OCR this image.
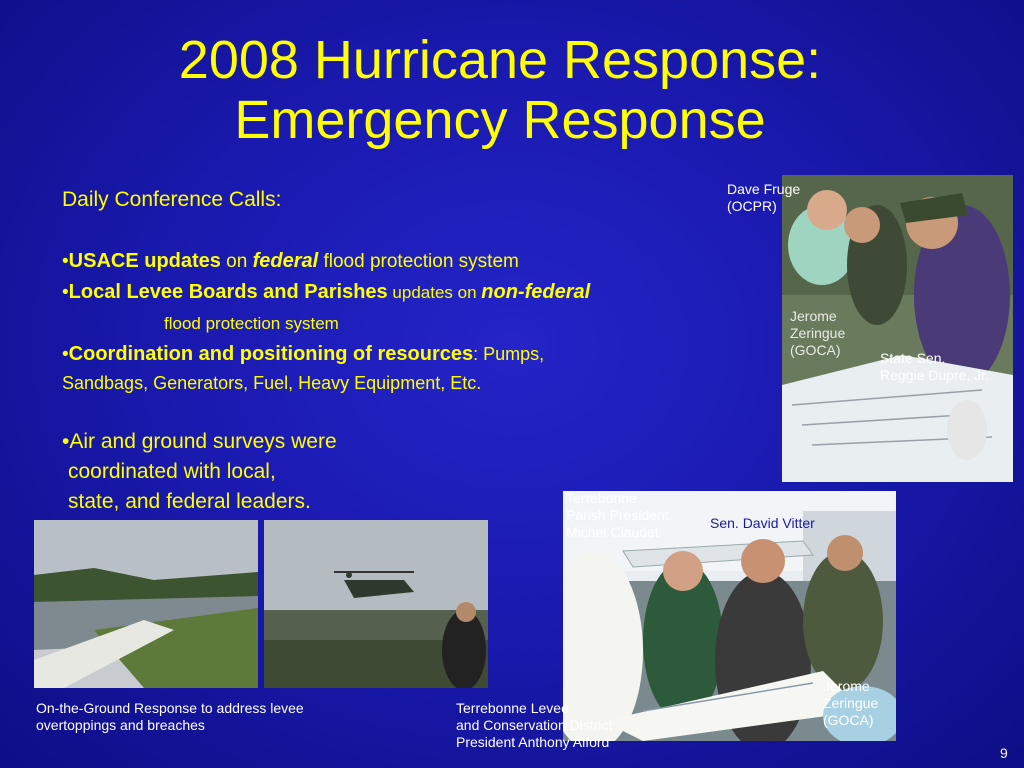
2008 Hurricane Response:
Emergency Response
Daily Conference Calls:
•USACE updates on federal flood protection system
•Local Levee Boards and Parishes updates on non-federal
flood protection system
•Coordination and positioning of resources: Pumps,
Sandbags, Generators, Fuel, Heavy Equipment, Etc.
•Air and ground surveys were
coordinated with local,
state, and federal leaders.
Dave Fruge
(OCPR)
Jerome
Zeringue
(GOCA)	State Sen.
Reggie Dupre, Jr.
On-the-Ground Response to address levee
overtoppings and breaches
Terrebonne
Parish President
Michel Claudet
Sen. David Vitter
Jerome
Zeringue
(GOCA)
Terrebonne Levee
and Conservation District
President Anthony Alford
9
